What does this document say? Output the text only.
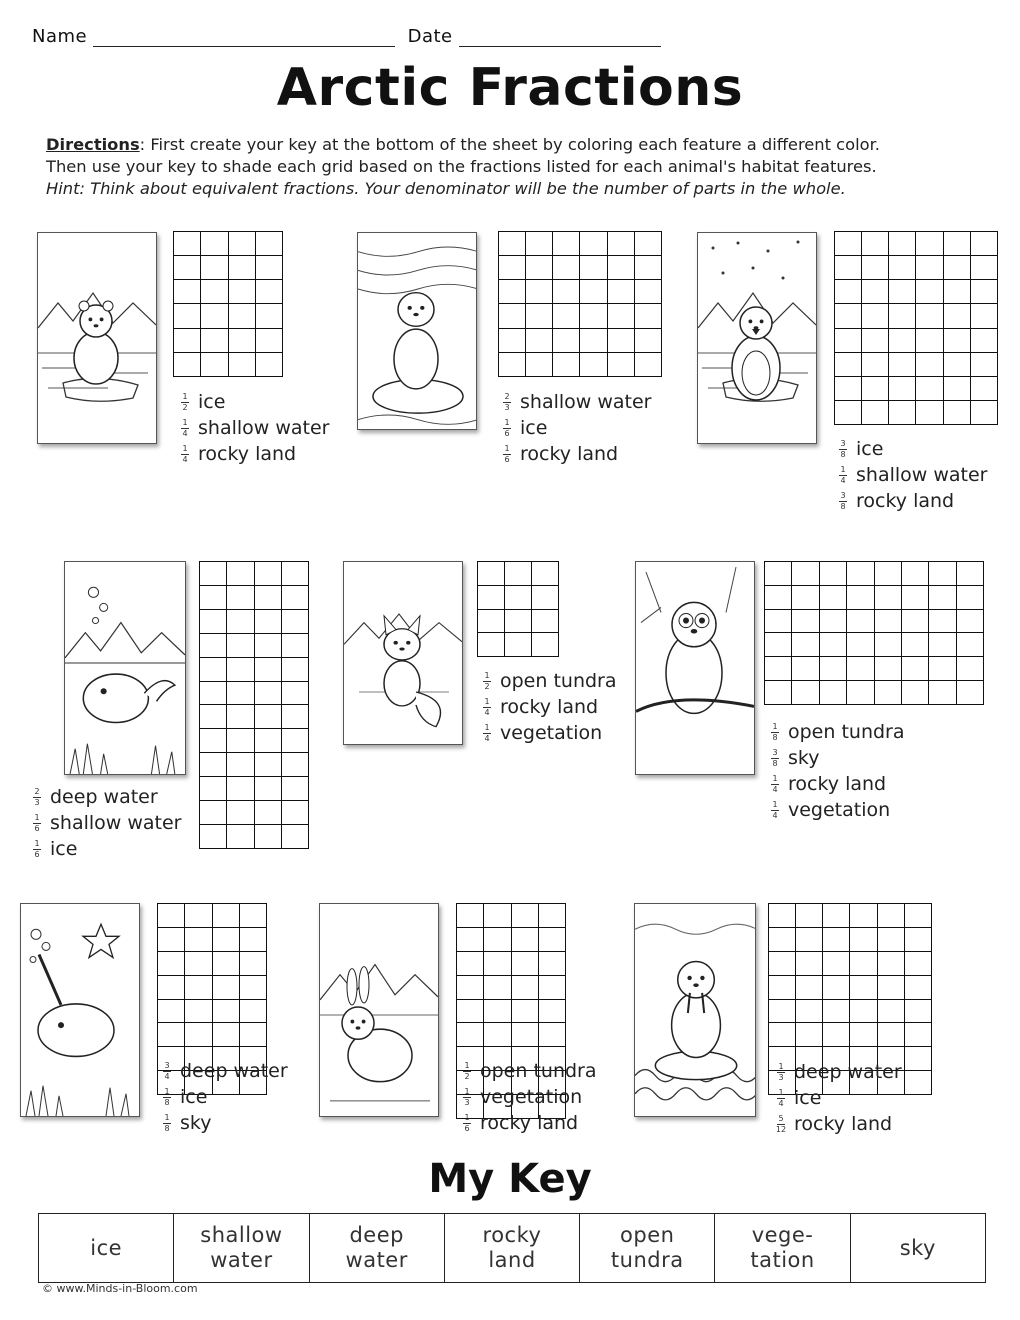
Name	Date
Arctic Fractions
Directions: First create your key at the bottom of the sheet by coloring each feature a different color.
Then use your key to shade each grid based on the fractions listed for each animal's habitat features.
Hint: Think about equivalent fractions. Your denominator will be the number of parts in the whole.

$\frac{1}{2}$ ice
$\frac{1}{4}$ shallow water
$\frac{1}{4}$ rocky land

$\frac{2}{3}$ shallow water
$\frac{1}{6}$ ice
$\frac{1}{6}$ rocky land

						$\frac{3}{8}$ ice
$\frac{1}{4}$ shallow water
$\frac{3}{8}$ rocky land

$\frac{2}{3}$ deep water
$\frac{1}{6}$ shallow water
$\frac{1}{6}$ ice

$\frac{1}{2}$ open tundra
$\frac{1}{4}$ rocky land
$\frac{1}{4}$ vegetation

								$\frac{1}{8}$ open tundra
$\frac{3}{8}$ sky
$\frac{1}{4}$ rocky land
$\frac{1}{4}$ vegetation

$\frac{3}{4}$ deep water
$\frac{1}{8}$ ice
$\frac{1}{8}$ sky

$\frac{1}{2}$ open tundra
$\frac{1}{3}$ vegetation
$\frac{1}{6}$ rocky land

$\frac{1}{3}$ deep water
$\frac{1}{4}$ ice
$\frac{5}{12}$ rocky land
My Key
ice

shallow
water

deep
water

rocky
land

open
tundra

vege-
tation

sky
© www.Minds-in-Bloom.com
